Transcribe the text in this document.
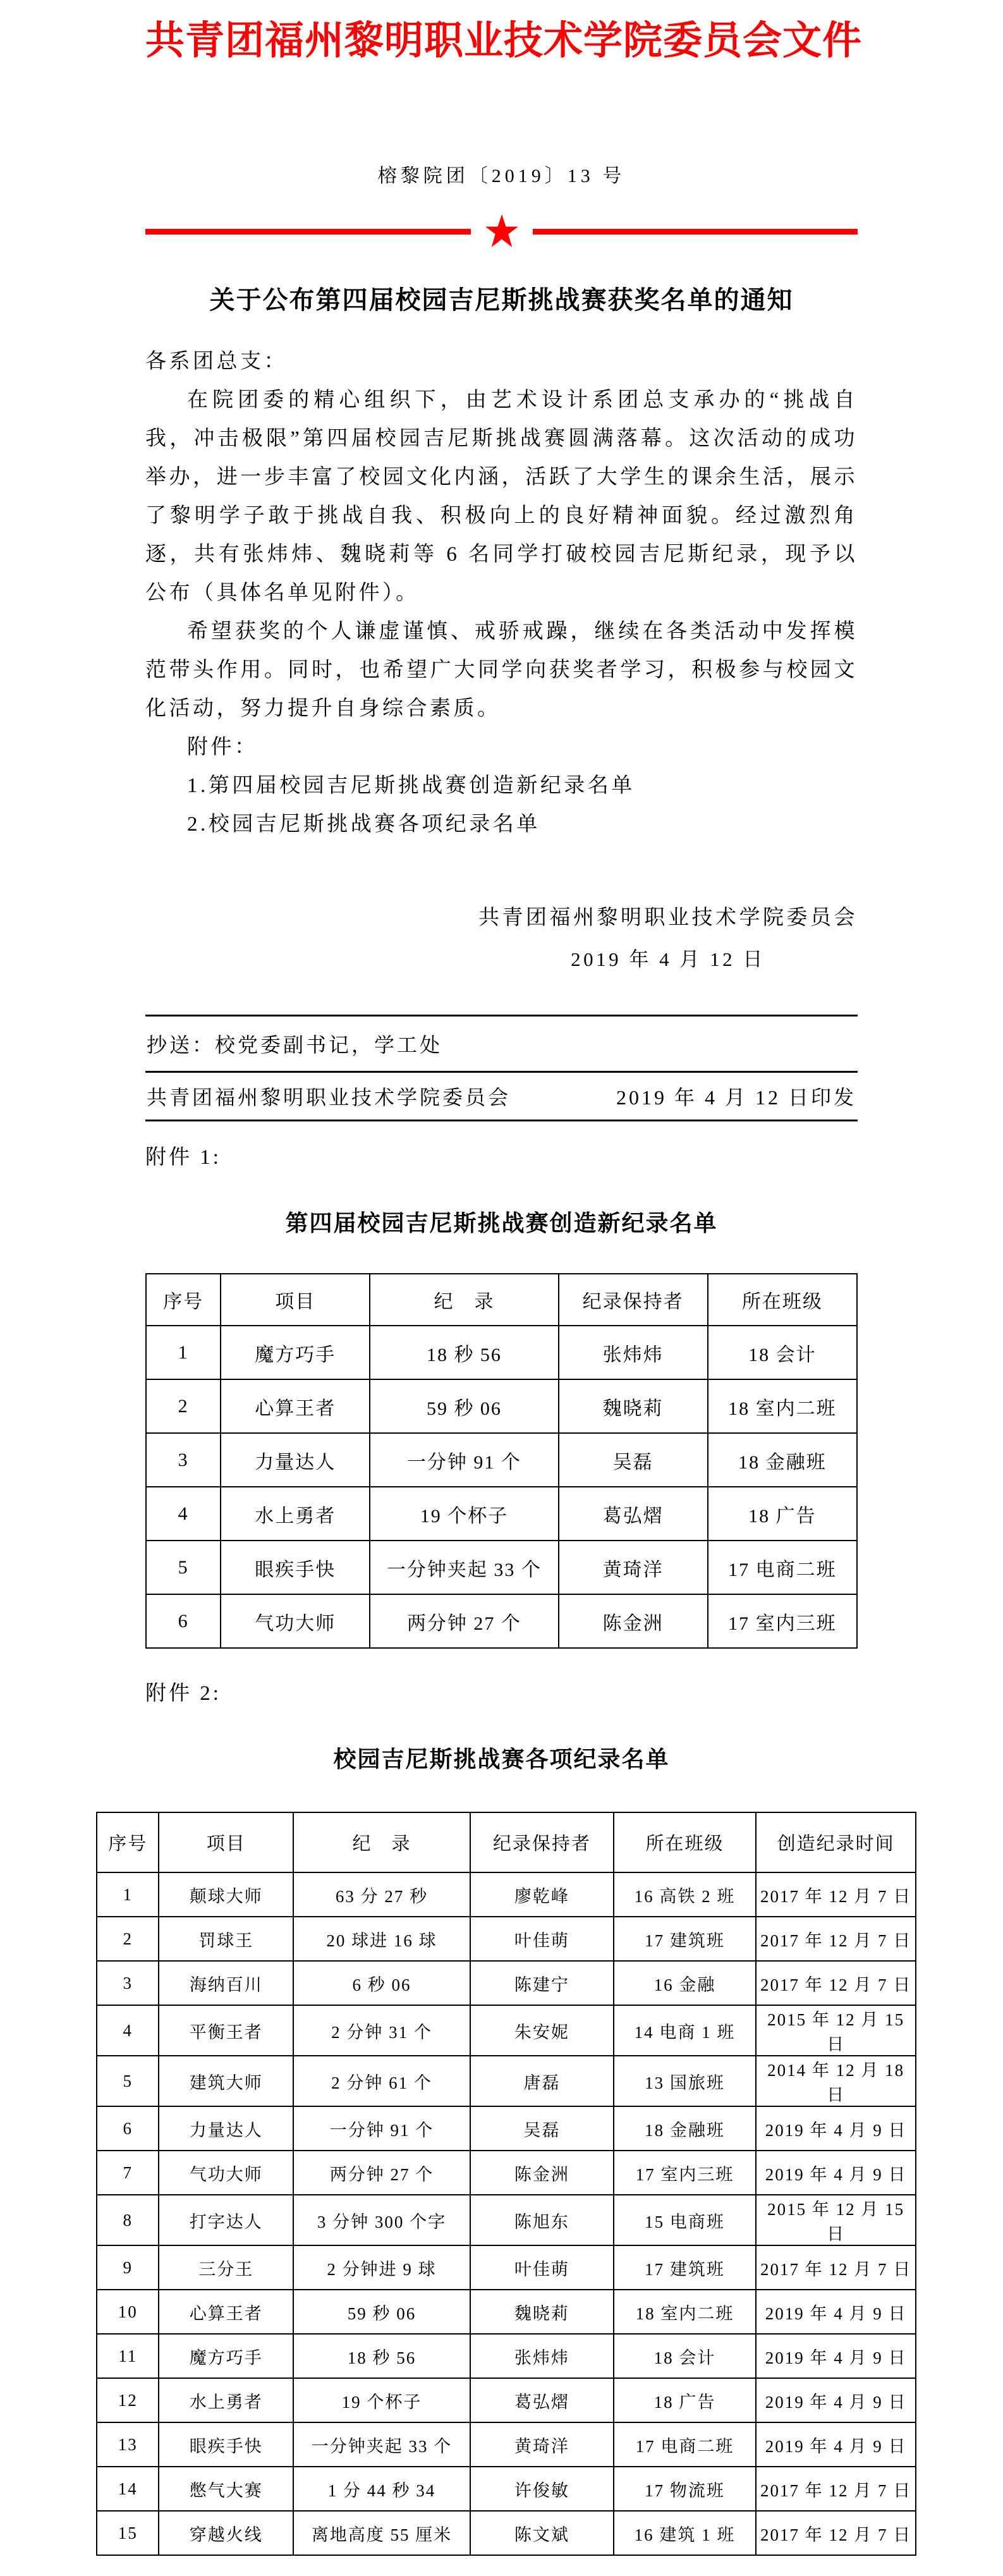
共青团福州黎明职业技术学院委员会文件
榕黎院团〔2019〕13 号
关于公布第四届校园吉尼斯挑战赛获奖名单的通知
各系团总支：
在院团委的精心组织下，由艺术设计系团总支承办的“挑战自我，冲击极限”第四届校园吉尼斯挑战赛圆满落幕。这次活动的成功举办，进一步丰富了校园文化内涵，活跃了大学生的课余生活，展示了黎明学子敢于挑战自我、积极向上的良好精神面貌。经过激烈角逐，共有张炜炜、魏晓莉等 6 名同学打破校园吉尼斯纪录，现予以公布（具体名单见附件）。
希望获奖的个人谦虚谨慎、戒骄戒躁，继续在各类活动中发挥模范带头作用。同时，也希望广大同学向获奖者学习，积极参与校园文化活动，努力提升自身综合素质。
附件：
1.第四届校园吉尼斯挑战赛创造新纪录名单
2.校园吉尼斯挑战赛各项纪录名单
共青团福州黎明职业技术学院委员会
2019 年 4 月 12 日
抄送：校党委副书记，学工处
共青团福州黎明职业技术学院委员会	2019 年 4 月 12 日印发
附件 1:
第四届校园吉尼斯挑战赛创造新纪录名单
序号	项目	纪　录	纪录保持者	所在班级
1	魔方巧手	18 秒 56	张炜炜	18 会计
2	心算王者	59 秒 06	魏晓莉	18 室内二班
3	力量达人	一分钟 91 个	吴磊	18 金融班
4	水上勇者	19 个杯子	葛弘熠	18 广告
5	眼疾手快	一分钟夹起 33 个	黄琦洋	17 电商二班
6	气功大师	两分钟 27 个	陈金洲	17 室内三班
附件 2:
校园吉尼斯挑战赛各项纪录名单
序号	项目	纪　录	纪录保持者	所在班级	创造纪录时间
1	颠球大师	63 分 27 秒	廖乾峰	16 高铁 2 班	2017 年 12 月 7 日
2	罚球王	20 球进 16 球	叶佳萌	17 建筑班	2017 年 12 月 7 日
3	海纳百川	6 秒 06	陈建宁	16 金融	2017 年 12 月 7 日
4	平衡王者	2 分钟 31 个	朱安妮	14 电商 1 班	2015 年 12 月 15 日
5	建筑大师	2 分钟 61 个	唐磊	13 国旅班	2014 年 12 月 18 日
6	力量达人	一分钟 91 个	吴磊	18 金融班	2019 年 4 月 9 日
7	气功大师	两分钟 27 个	陈金洲	17 室内三班	2019 年 4 月 9 日
8	打字达人	3 分钟 300 个字	陈旭东	15 电商班	2015 年 12 月 15 日
9	三分王	2 分钟进 9 球	叶佳萌	17 建筑班	2017 年 12 月 7 日
10	心算王者	59 秒 06	魏晓莉	18 室内二班	2019 年 4 月 9 日
11	魔方巧手	18 秒 56	张炜炜	18 会计	2019 年 4 月 9 日
12	水上勇者	19 个杯子	葛弘熠	18 广告	2019 年 4 月 9 日
13	眼疾手快	一分钟夹起 33 个	黄琦洋	17 电商二班	2019 年 4 月 9 日
14	憋气大赛	1 分 44 秒 34	许俊敏	17 物流班	2017 年 12 月 7 日
15	穿越火线	离地高度 55 厘米	陈文斌	16 建筑 1 班	2017 年 12 月 7 日
